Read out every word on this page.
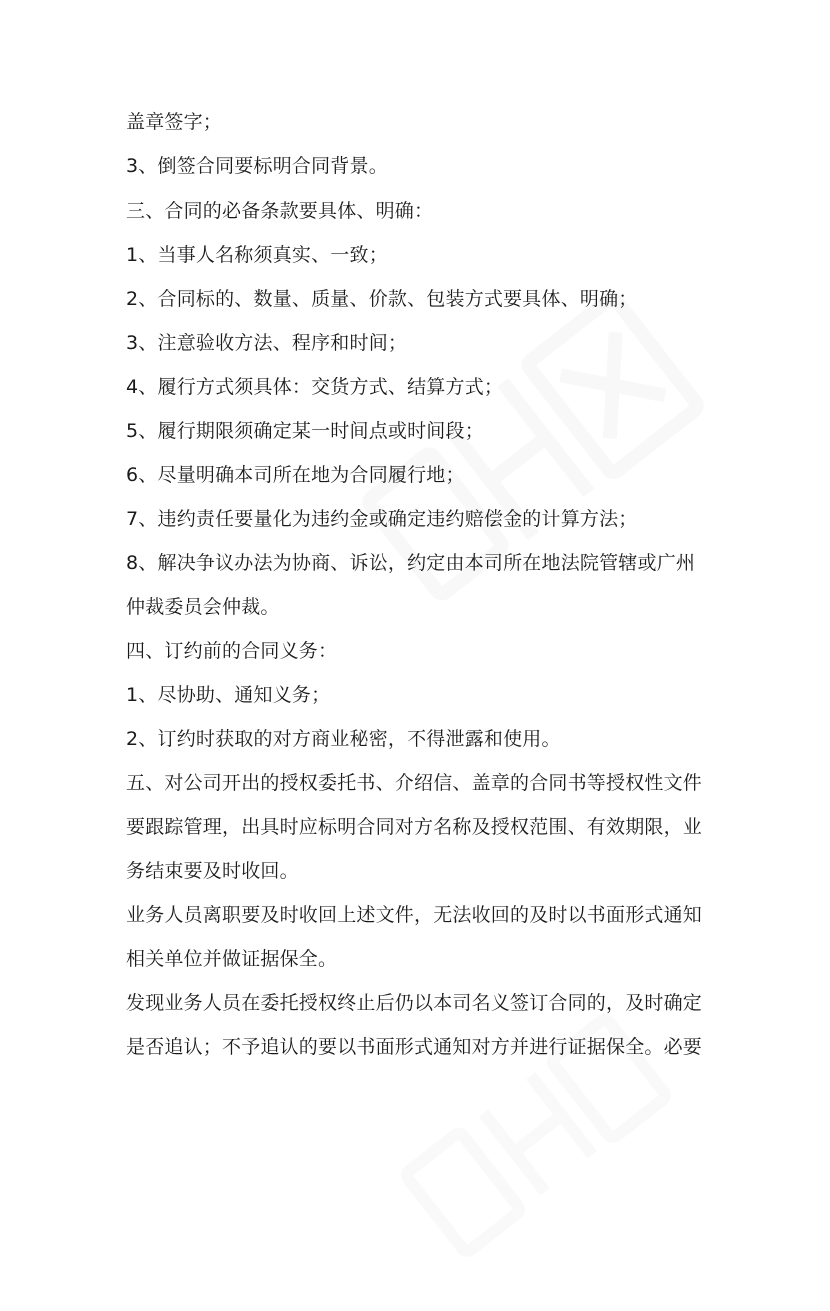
盖章签字；
3、倒签合同要标明合同背景。
三、合同的必备条款要具体、明确：
1、当事人名称须真实、一致；
2、合同标的、数量、质量、价款、包装方式要具体、明确；
3、注意验收方法、程序和时间；
4、履行方式须具体：交货方式、结算方式；
5、履行期限须确定某一时间点或时间段；
6、尽量明确本司所在地为合同履行地；
7、违约责任要量化为违约金或确定违约赔偿金的计算方法；
8、解决争议办法为协商、诉讼，约定由本司所在地法院管辖或广州
仲裁委员会仲裁。
四、订约前的合同义务：
1、尽协助、通知义务；
2、订约时获取的对方商业秘密，不得泄露和使用。
五、对公司开出的授权委托书、介绍信、盖章的合同书等授权性文件
要跟踪管理，出具时应标明合同对方名称及授权范围、有效期限，业
务结束要及时收回。
业务人员离职要及时收回上述文件，无法收回的及时以书面形式通知
相关单位并做证据保全。
发现业务人员在委托授权终止后仍以本司名义签订合同的，及时确定
是否追认；不予追认的要以书面形式通知对方并进行证据保全。必要
